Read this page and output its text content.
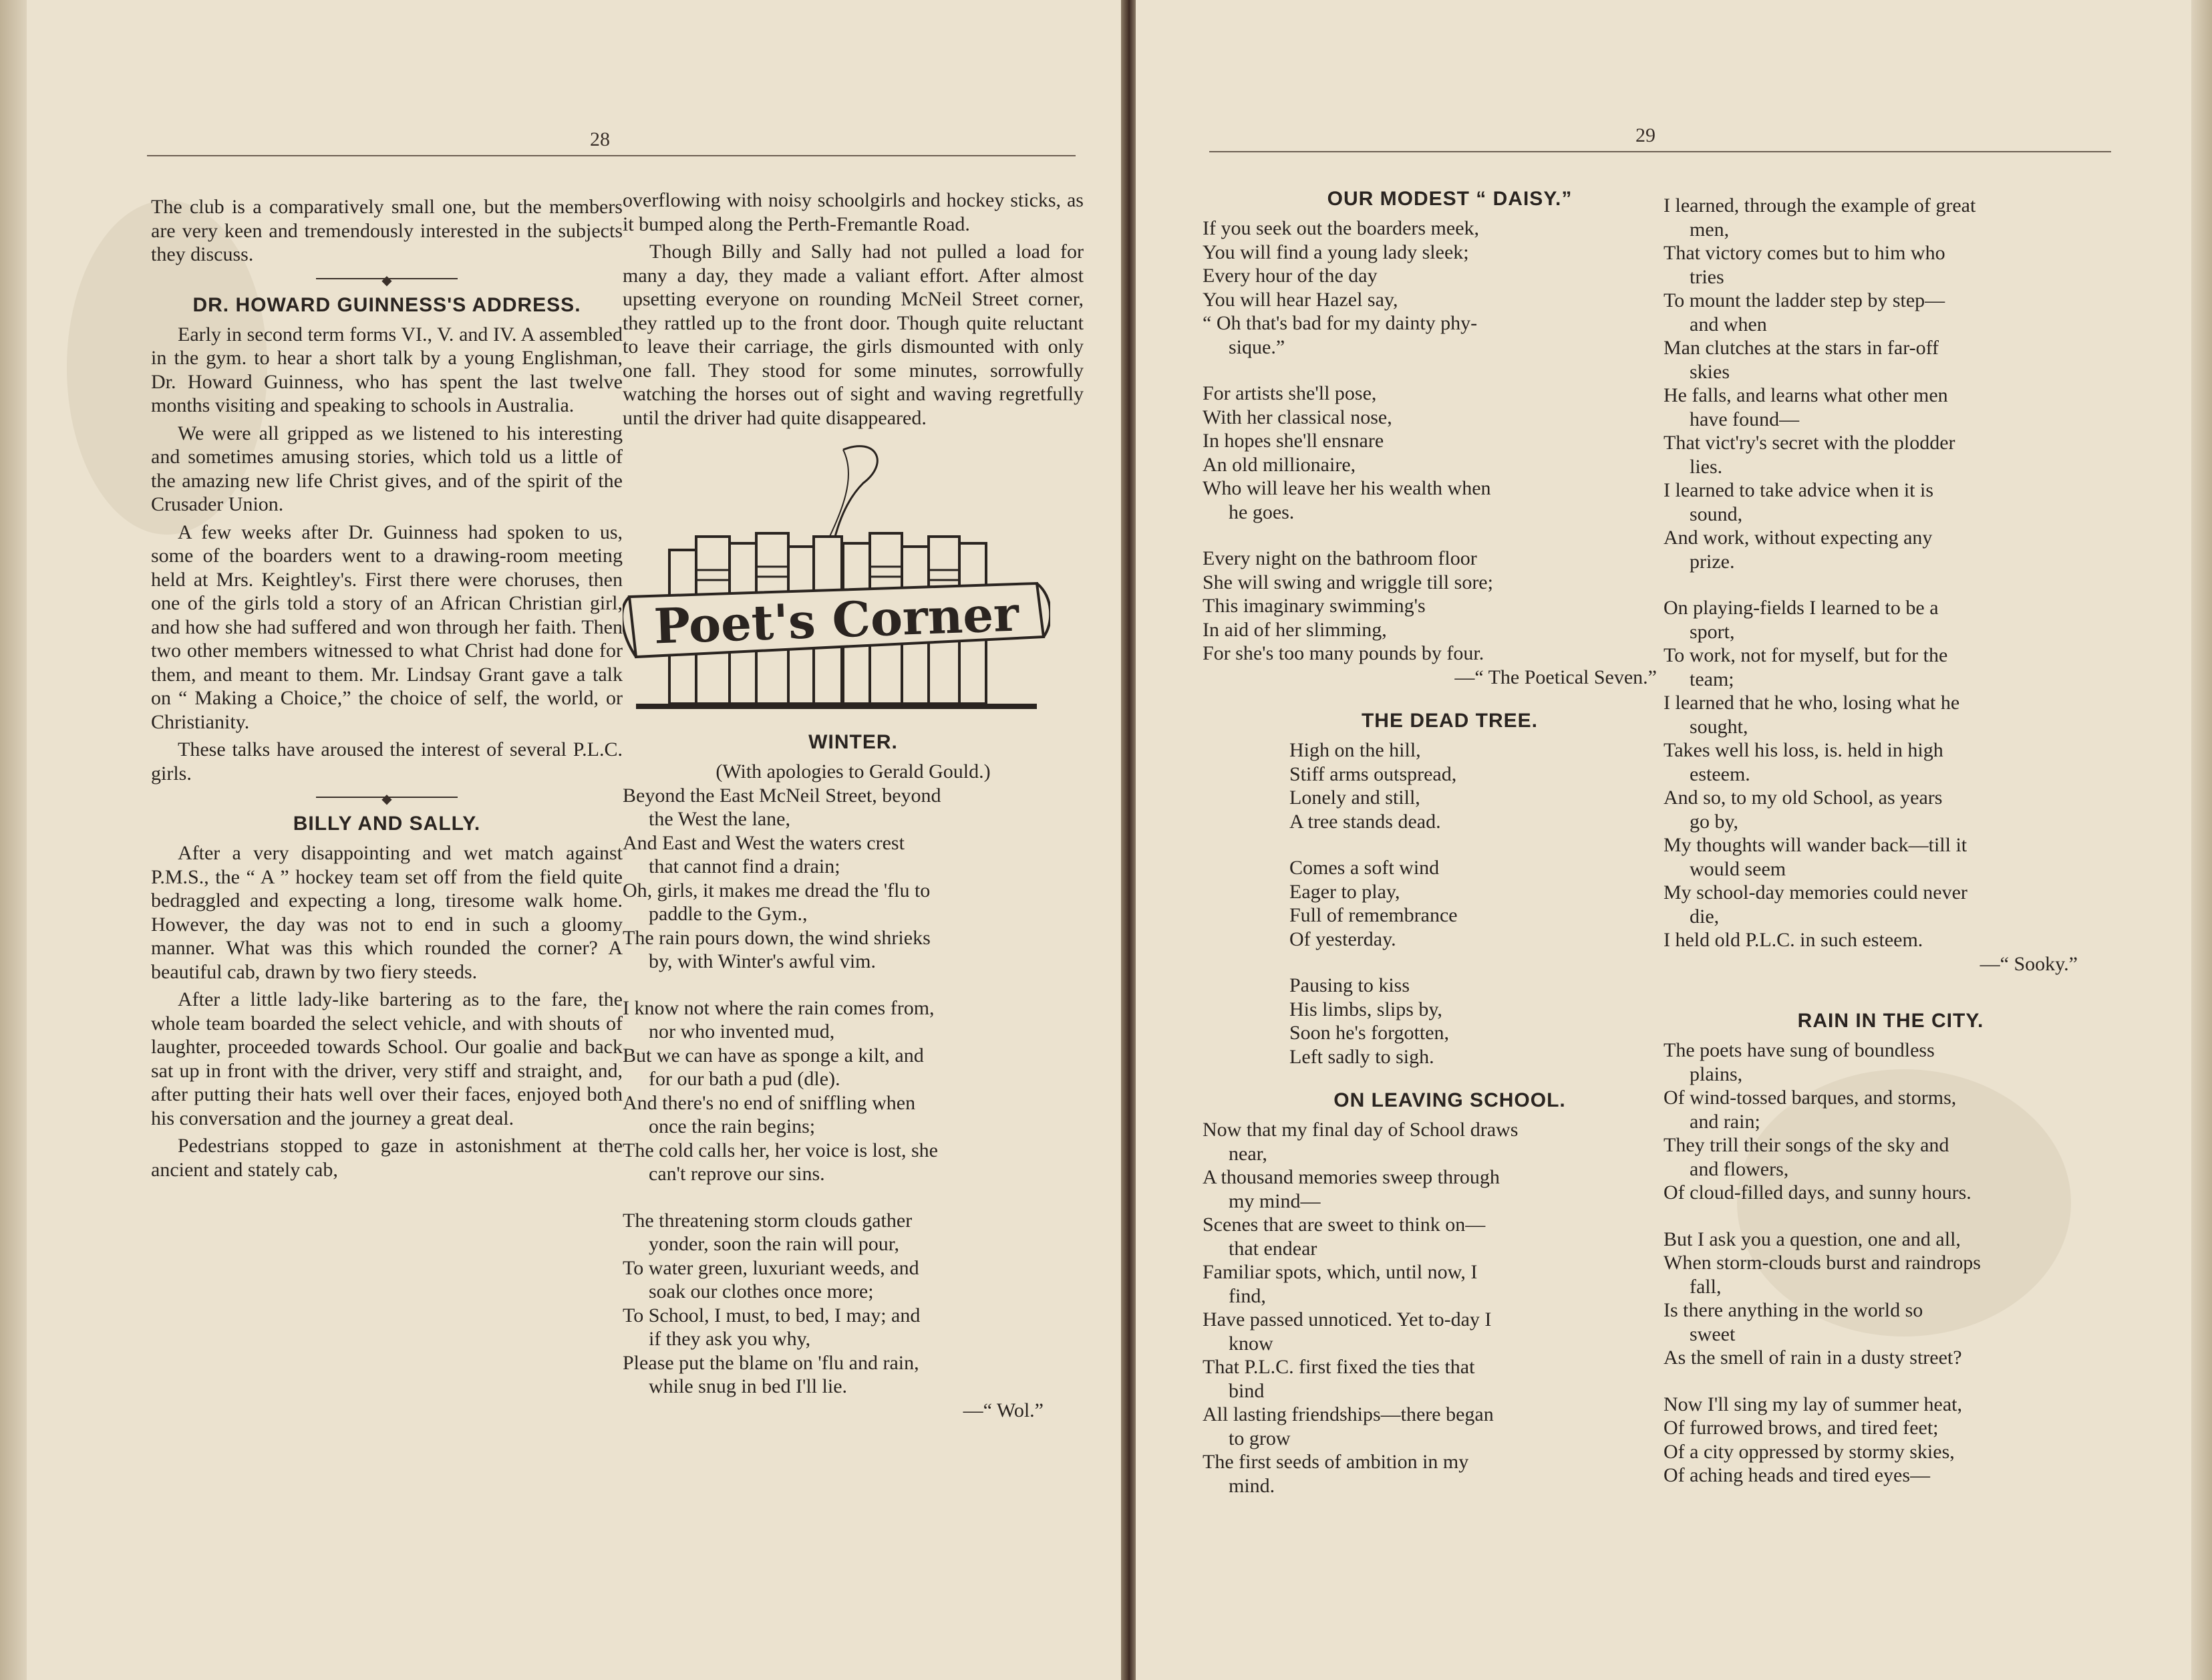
28

The club is a comparatively small one, but the members are very keen and tremendously interested in the subjects they discuss.

◆
DR. HOWARD GUINNESS'S ADDRESS.

Early in second term forms VI., V. and IV. A assembled in the gym. to hear a short talk by a young Englishman, Dr. Howard Guinness, who has spent the last twelve months visiting and speaking to schools in Australia.

We were all gripped as we listened to his interesting and sometimes amusing stories, which told us a little of the amazing new life Christ gives, and of the spirit of the Crusader Union.

A few weeks after Dr. Guinness had spoken to us, some of the boarders went to a drawing-room meeting held at Mrs. Keightley's. First there were choruses, then one of the girls told a story of an African Christian girl, and how she had suffered and won through her faith. Then two other members witnessed to what Christ had done for them, and meant to them. Mr. Lindsay Grant gave a talk on “ Making a Choice,” the choice of self, the world, or Christianity.

These talks have aroused the interest of several P.L.C. girls.

◆
BILLY AND SALLY.

After a very disappointing and wet match against P.M.S., the “ A ” hockey team set off from the field quite bedraggled and expecting a long, tiresome walk home. However, the day was not to end in such a gloomy manner. What was this which rounded the corner? A beautiful cab, drawn by two fiery steeds.

After a little lady-like bartering as to the fare, the whole team boarded the select vehicle, and with shouts of laughter, proceeded towards School. Our goalie and back sat up in front with the driver, very stiff and straight, and, after putting their hats well over their faces, enjoyed both his conversation and the journey a great deal.

Pedestrians stopped to gaze in astonishment at the ancient and stately cab,

overflowing with noisy schoolgirls and hockey sticks, as it bumped along the Perth-Fremantle Road.

Though Billy and Sally had not pulled a load for many a day, they made a valiant effort. After almost upsetting everyone on rounding McNeil Street corner, they rattled up to the front door. Though quite reluctant to leave their carriage, the girls dismounted with only one fall. They stood for some minutes, sorrowfully watching the horses out of sight and waving regretfully until the driver had quite disappeared.

Poet's Corner
WINTER.
(With apologies to Gerald Gould.)
Beyond the East McNeil Street, beyond
the West the lane,
And East and West the waters crest
that cannot find a drain;
Oh, girls, it makes me dread the 'flu to
paddle to the Gym.,
The rain pours down, the wind shrieks
by, with Winter's awful vim.
I know not where the rain comes from,
nor who invented mud,
But we can have as sponge a kilt, and
for our bath a pud (dle).
And there's no end of sniffling when
once the rain begins;
The cold calls her, her voice is lost, she
can't reprove our sins.
The threatening storm clouds gather
yonder, soon the rain will pour,
To water green, luxuriant weeds, and
soak our clothes once more;
To School, I must, to bed, I may; and
if they ask you why,
Please put the blame on 'flu and rain,
while snug in bed I'll lie.
—“ Wol.”
29
OUR MODEST “ DAISY.”
If you seek out the boarders meek,
You will find a young lady sleek;
Every hour of the day
You will hear Hazel say,
“ Oh that's bad for my dainty phy-
sique.”
For artists she'll pose,
With her classical nose,
In hopes she'll ensnare
An old millionaire,
Who will leave her his wealth when
he goes.
Every night on the bathroom floor
She will swing and wriggle till sore;
This imaginary swimming's
In aid of her slimming,
For she's too many pounds by four.
—“ The Poetical Seven.”
THE DEAD TREE.
High on the hill,
Stiff arms outspread,
Lonely and still,
A tree stands dead.
Comes a soft wind
Eager to play,
Full of remembrance
Of yesterday.
Pausing to kiss
His limbs, slips by,
Soon he's forgotten,
Left sadly to sigh.
ON LEAVING SCHOOL.
Now that my final day of School draws
near,
A thousand memories sweep through
my mind—
Scenes that are sweet to think on—
that endear
Familiar spots, which, until now, I
find,
Have passed unnoticed. Yet to-day I
know
That P.L.C. first fixed the ties that
bind
All lasting friendships—there began
to grow
The first seeds of ambition in my
mind.
I learned, through the example of great
men,
That victory comes but to him who
tries
To mount the ladder step by step—
and when
Man clutches at the stars in far-off
skies
He falls, and learns what other men
have found—
That vict'ry's secret with the plodder
lies.
I learned to take advice when it is
sound,
And work, without expecting any
prize.
On playing-fields I learned to be a
sport,
To work, not for myself, but for the
team;
I learned that he who, losing what he
sought,
Takes well his loss, is. held in high
esteem.
And so, to my old School, as years
go by,
My thoughts will wander back—till it
would seem
My school-day memories could never
die,
I held old P.L.C. in such esteem.
—“ Sooky.”
RAIN IN THE CITY.
The poets have sung of boundless
plains,
Of wind-tossed barques, and storms,
and rain;
They trill their songs of the sky and
and flowers,
Of cloud-filled days, and sunny hours.
But I ask you a question, one and all,
When storm-clouds burst and raindrops
fall,
Is there anything in the world so
sweet
As the smell of rain in a dusty street?
Now I'll sing my lay of summer heat,
Of furrowed brows, and tired feet;
Of a city oppressed by stormy skies,
Of aching heads and tired eyes—
